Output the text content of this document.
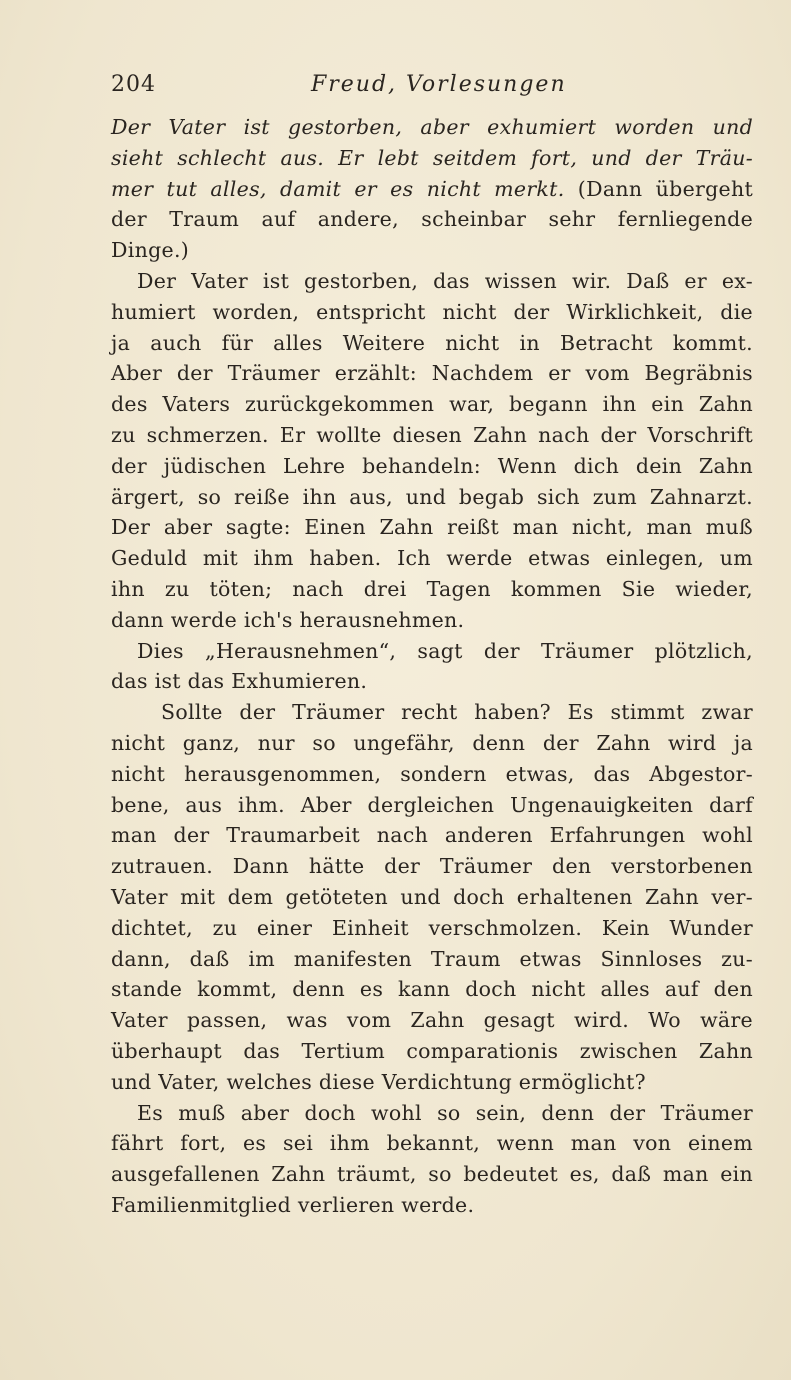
204	Freud, Vorlesungen
Der Vater ist gestorben, aber exhumiert worden und
sieht schlecht aus. Er lebt seitdem fort, und der Träu-
mer tut alles, damit er es nicht merkt. (Dann übergeht
der Traum auf andere, scheinbar sehr fernliegende
Dinge.)
Der Vater ist gestorben, das wissen wir. Daß er ex-
humiert worden, entspricht nicht der Wirklichkeit, die
ja auch für alles Weitere nicht in Betracht kommt.
Aber der Träumer erzählt: Nachdem er vom Begräbnis
des Vaters zurückgekommen war, begann ihn ein Zahn
zu schmerzen. Er wollte diesen Zahn nach der Vorschrift
der jüdischen Lehre behandeln: Wenn dich dein Zahn
ärgert, so reiße ihn aus, und begab sich zum Zahnarzt.
Der aber sagte: Einen Zahn reißt man nicht, man muß
Geduld mit ihm haben. Ich werde etwas einlegen, um
ihn zu töten; nach drei Tagen kommen Sie wieder,
dann werde ich's herausnehmen.
Dies „Herausnehmen“, sagt der Träumer plötzlich,
das ist das Exhumieren.
Sollte der Träumer recht haben? Es stimmt zwar
nicht ganz, nur so ungefähr, denn der Zahn wird ja
nicht herausgenommen, sondern etwas, das Abgestor-
bene, aus ihm. Aber dergleichen Ungenauigkeiten darf
man der Traumarbeit nach anderen Erfahrungen wohl
zutrauen. Dann hätte der Träumer den verstorbenen
Vater mit dem getöteten und doch erhaltenen Zahn ver-
dichtet, zu einer Einheit verschmolzen. Kein Wunder
dann, daß im manifesten Traum etwas Sinnloses zu-
stande kommt, denn es kann doch nicht alles auf den
Vater passen, was vom Zahn gesagt wird. Wo wäre
überhaupt das Tertium comparationis zwischen Zahn
und Vater, welches diese Verdichtung ermöglicht?
Es muß aber doch wohl so sein, denn der Träumer
fährt fort, es sei ihm bekannt, wenn man von einem
ausgefallenen Zahn träumt, so bedeutet es, daß man ein
Familienmitglied verlieren werde.
